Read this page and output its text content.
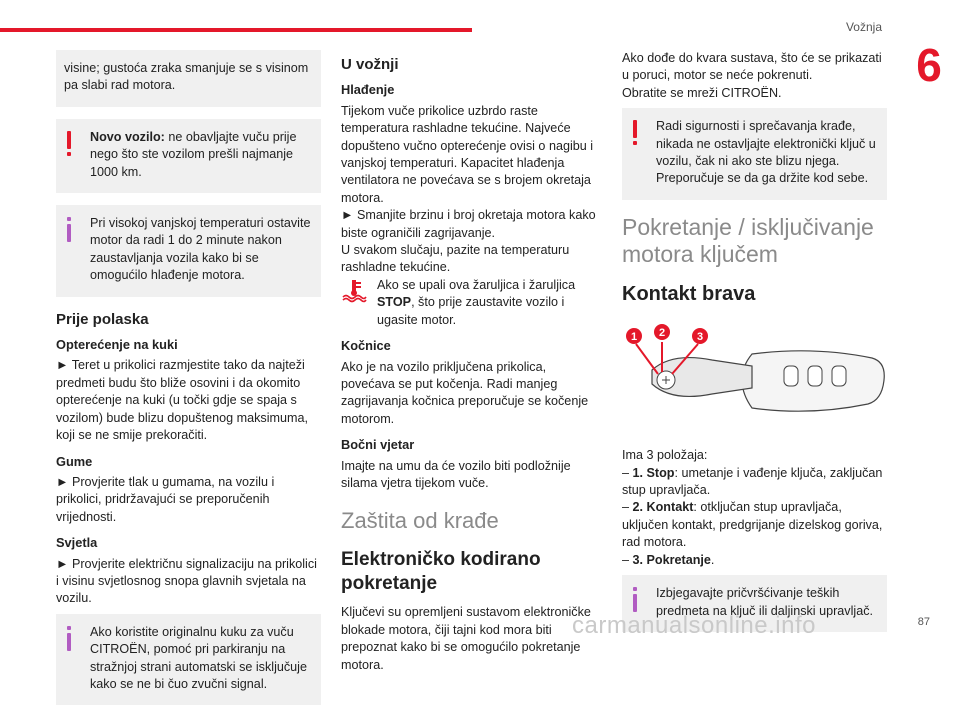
Vožnja
6

visine; gustoća zraka smanjuje se s visinom pa slabi rad motora.

Novo vozilo: ne obavljajte vuču prije nego što ste vozilom prešli najmanje 1000 km.

Pri visokoj vanjskoj temperaturi ostavite motor da radi 1 do 2 minute nakon zaustavljanja vozila kako bi se omogućilo hlađenje motora.

Prije polaska
Opterećenje na kuki

► Teret u prikolici razmjestite tako da najteži predmeti budu što bliže osovini i da okomito opterećenje na kuki (u točki gdje se spaja s vozilom) bude blizu dopuštenog maksimuma, koji se ne smije prekoračiti.

Gume

► Provjerite tlak u gumama, na vozilu i prikolici, pridržavajući se preporučenih vrijednosti.

Svjetla

► Provjerite električnu signalizaciju na prikolici i visinu svjetlosnog snopa glavnih svjetala na vozilu.

Ako koristite originalnu kuku za vuču CITROËN, pomoć pri parkiranju na stražnjoj strani automatski se isključuje kako se ne bi čuo zvučni signal.

U vožnji
Hlađenje

Tijekom vuče prikolice uzbrdo raste temperatura rashladne tekućine. Najveće dopušteno vučno opterećenje ovisi o nagibu i vanjskoj temperaturi. Kapacitet hlađenja ventilatora ne povećava se s brojem okretaja motora.

► Smanjite brzinu i broj okretaja motora kako biste ograničili zagrijavanje.

U svakom slučaju, pazite na temperaturu rashladne tekućine.

Ako se upali ova žaruljica i žaruljica STOP, što prije zaustavite vozilo i ugasite motor.
Kočnice

Ako je na vozilo priključena prikolica, povećava se put kočenja. Radi manjeg zagrijavanja kočnica preporučuje se kočenje motorom.

Bočni vjetar

Imajte na umu da će vozilo biti podložnije silama vjetra tijekom vuče.

Zaštita od krađe
Elektroničko kodirano pokretanje

Ključevi su opremljeni sustavom elektroničke blokade motora, čiji tajni kod mora biti prepoznat kako bi se omogućilo pokretanje motora.

Ako dođe do kvara sustava, što će se prikazati u poruci, motor se neće pokrenuti.

Obratite se mreži CITROËN.

Radi sigurnosti i sprečavanja krađe, nikada ne ostavljajte elektronički ključ u vozilu, čak ni ako ste blizu njega. Preporučuje se da ga držite kod sebe.

Pokretanje / isključivanje motora ključem
Kontakt brava
1 2	3

Ima 3 položaja:

– 1. Stop: umetanje i vađenje ključa, zaključan stup upravljača.

– 2. Kontakt: otključan stup upravljača, uključen kontakt, predgrijanje dizelskog goriva, rad motora.

– 3. Pokretanje.

Izbjegavajte pričvršćivanje teških predmeta na ključ ili daljinski upravljač.

carmanualsonline.info	87
